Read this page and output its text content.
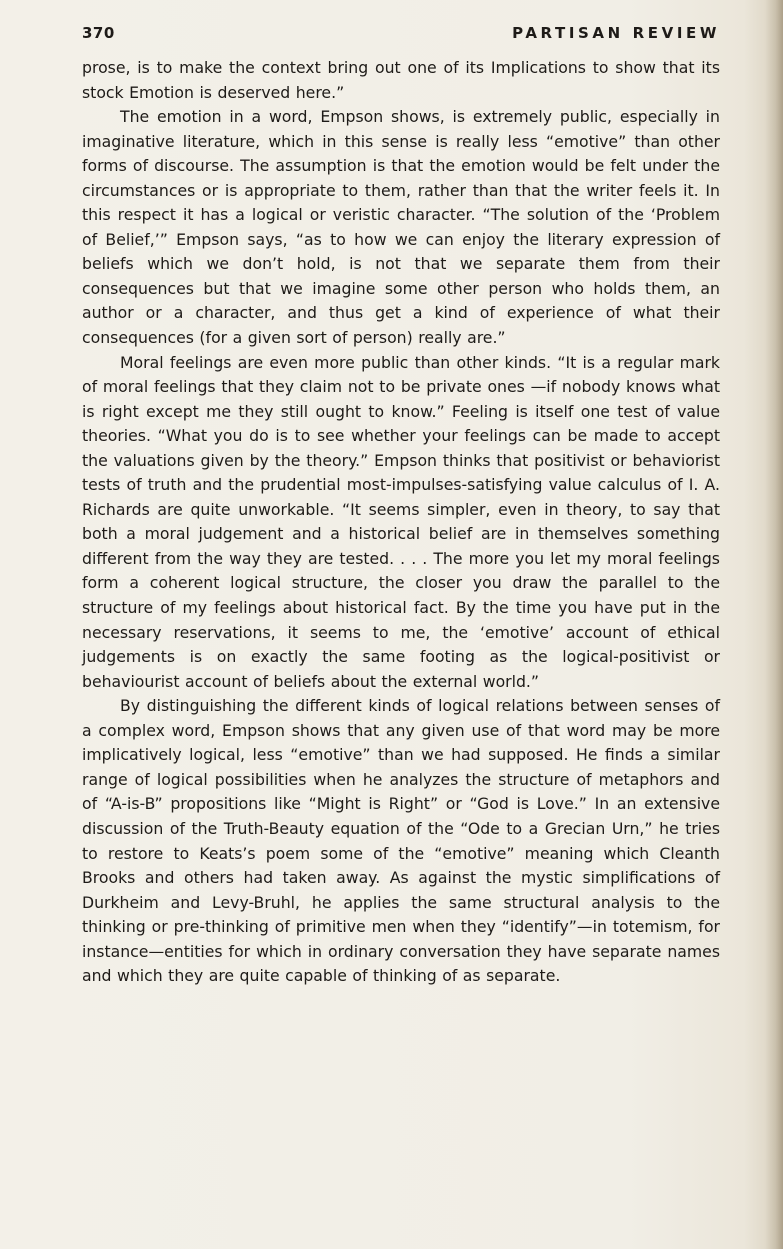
370	PARTISAN REVIEW

prose, is to make the context bring out one of its Implications to show that its stock Emotion is deserved here.”

The emotion in a word, Empson shows, is extremely public, especially in imaginative literature, which in this sense is really less “emotive” than other forms of discourse. The assumption is that the emotion would be felt under the circumstances or is appropriate to them, rather than that the writer feels it. In this respect it has a logical or veristic character. “The solution of the ‘Problem of Belief,’” Empson says, “as to how we can enjoy the literary expression of beliefs which we don’t hold, is not that we separate them from their consequences but that we imagine some other person who holds them, an author or a character, and thus get a kind of experience of what their consequences (for a given sort of person) really are.”

Moral feelings are even more public than other kinds. “It is a regular mark of moral feelings that they claim not to be private ones —if nobody knows what is right except me they still ought to know.” Feeling is itself one test of value theories. “What you do is to see whether your feelings can be made to accept the valuations given by the theory.” Empson thinks that positivist or behaviorist tests of truth and the prudential most-impulses-satisfying value calculus of I. A. Richards are quite unworkable. “It seems simpler, even in theory, to say that both a moral judgement and a historical belief are in themselves something different from the way they are tested. . . . The more you let my moral feelings form a coherent logical structure, the closer you draw the parallel to the structure of my feelings about historical fact. By the time you have put in the necessary reservations, it seems to me, the ‘emotive’ account of ethical judgements is on exactly the same footing as the logical-positivist or behaviourist account of beliefs about the external world.”

By distinguishing the different kinds of logical relations between senses of a complex word, Empson shows that any given use of that word may be more implicatively logical, less “emotive” than we had supposed. He finds a similar range of logical possibilities when he analyzes the structure of metaphors and of “A-is-B” propositions like “Might is Right” or “God is Love.” In an extensive discussion of the Truth-Beauty equation of the “Ode to a Grecian Urn,” he tries to restore to Keats’s poem some of the “emotive” meaning which Cleanth Brooks and others had taken away. As against the mystic simplifications of Durkheim and Levy-Bruhl, he applies the same structural analysis to the thinking or pre-thinking of primitive men when they “identify”—in totemism, for instance—entities for which in ordinary conversation they have separate names and which they are quite capable of thinking of as separate.
